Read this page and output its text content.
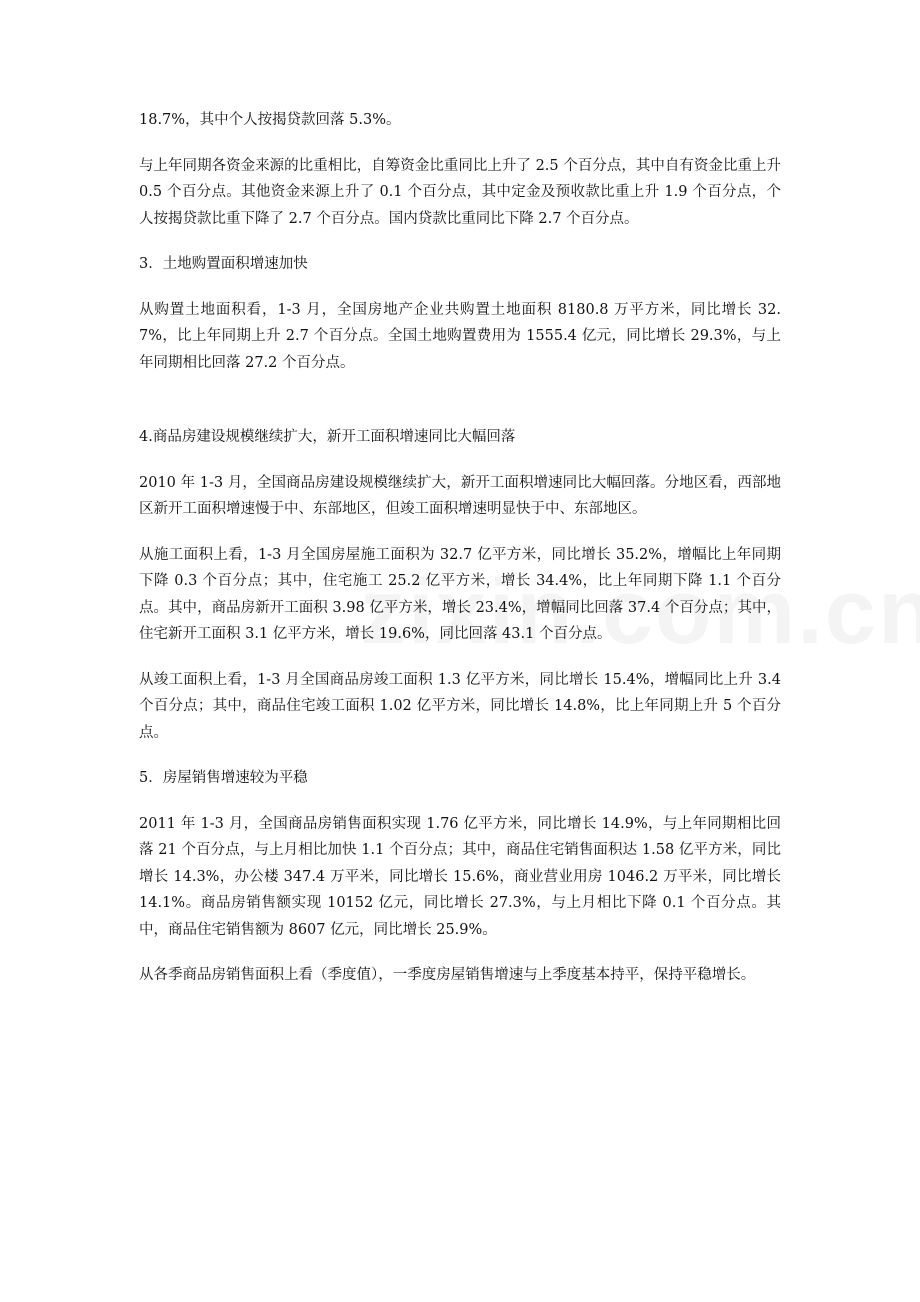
18.7%，其中个人按揭贷款回落 5.3%。

与上年同期各资金来源的比重相比，自筹资金比重同比上升了 2.5 个百分点，其中自有资金比重上升 0.5 个百分点。其他资金来源上升了 0.1 个百分点，其中定金及预收款比重上升 1.9 个百分点，个人按揭贷款比重下降了 2.7 个百分点。国内贷款比重同比下降 2.7 个百分点。

3．土地购置面积增速加快

从购置土地面积看，1-3 月，全国房地产企业共购置土地面积 8180.8 万平方米，同比增长 32.7%，比上年同期上升 2.7 个百分点。全国土地购置费用为 1555.4 亿元，同比增长 29.3%，与上年同期相比回落 27.2 个百分点。

4.商品房建设规模继续扩大，新开工面积增速同比大幅回落

2010 年 1-3 月，全国商品房建设规模继续扩大，新开工面积增速同比大幅回落。分地区看，西部地区新开工面积增速慢于中、东部地区，但竣工面积增速明显快于中、东部地区。

从施工面积上看，1-3 月全国房屋施工面积为 32.7 亿平方米，同比增长 35.2%，增幅比上年同期下降 0.3 个百分点；其中，住宅施工 25.2 亿平方米，增长 34.4%，比上年同期下降 1.1 个百分点。其中，商品房新开工面积 3.98 亿平方米，增长 23.4%，增幅同比回落 37.4 个百分点；其中，住宅新开工面积 3.1 亿平方米，增长 19.6%，同比回落 43.1 个百分点。

从竣工面积上看，1-3 月全国商品房竣工面积 1.3 亿平方米，同比增长 15.4%，增幅同比上升 3.4 个百分点；其中，商品住宅竣工面积 1.02 亿平方米，同比增长 14.8%，比上年同期上升 5 个百分点。

5．房屋销售增速较为平稳

2011 年 1-3 月，全国商品房销售面积实现 1.76 亿平方米，同比增长 14.9%，与上年同期相比回落 21 个百分点，与上月相比加快 1.1 个百分点；其中，商品住宅销售面积达 1.58 亿平方米，同比增长 14.3%，办公楼 347.4 万平米，同比增长 15.6%，商业营业用房 1046.2 万平米，同比增长 14.1%。商品房销售额实现 10152 亿元，同比增长 27.3%，与上月相比下降 0.1 个百分点。其中，商品住宅销售额为 8607 亿元，同比增长 25.9%。

从各季商品房销售面积上看（季度值），一季度房屋销售增速与上季度基本持平，保持平稳增长。
